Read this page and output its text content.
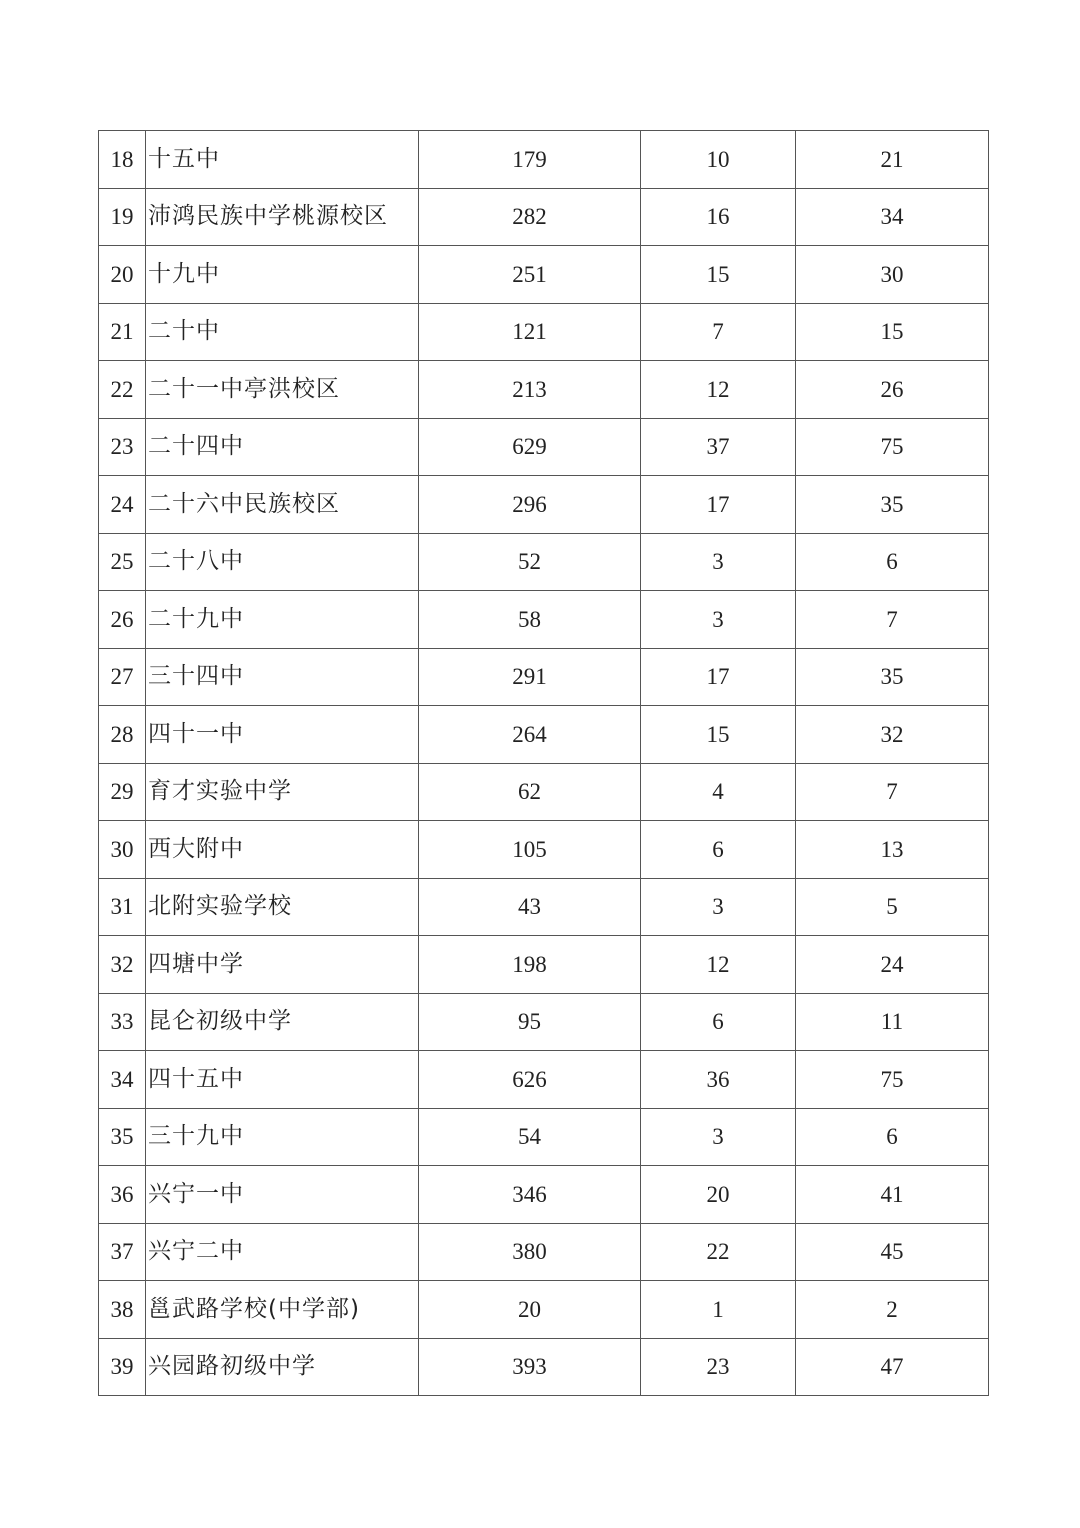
18	十五中	179	10	21
19	沛鸿民族中学桃源校区	282	16	34
20	十九中	251	15	30
21	二十中	121	7	15
22	二十一中亭洪校区	213	12	26
23	二十四中	629	37	75
24	二十六中民族校区	296	17	35
25	二十八中	52	3	6
26	二十九中	58	3	7
27	三十四中	291	17	35
28	四十一中	264	15	32
29	育才实验中学	62	4	7
30	西大附中	105	6	13
31	北附实验学校	43	3	5
32	四塘中学	198	12	24
33	昆仑初级中学	95	6	11
34	四十五中	626	36	75
35	三十九中	54	3	6
36	兴宁一中	346	20	41
37	兴宁二中	380	22	45
38	邕武路学校(中学部)	20	1	2
39	兴园路初级中学	393	23	47
